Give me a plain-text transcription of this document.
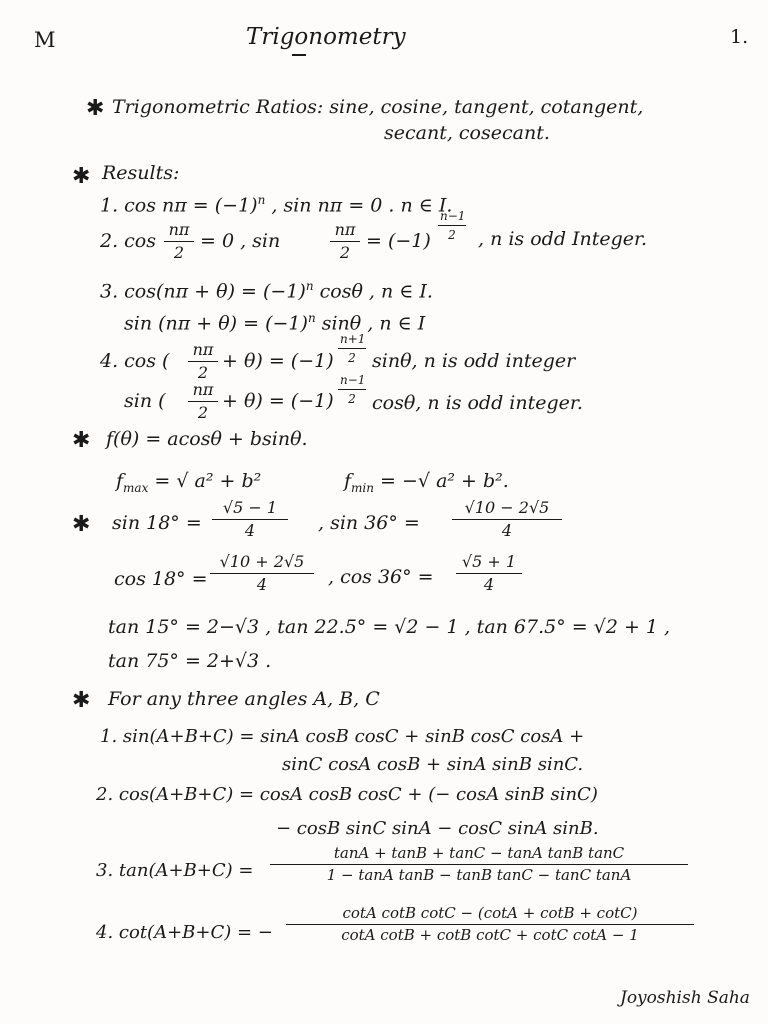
M	Trigonometry	1.
✱ Trigonometric Ratios: sine, cosine, tangent, cotangent,
secant, cosecant.
✱ Results:
1. $\cos n\pi = (-1)^n$ , sin nπ = 0 . n ∈ I.
2. $\cos \frac{n\pi}{2} = 0$ , sin	$\frac{n\pi}{2} = (-1) \frac{n-1}{2}$ , n is odd Integer.
3. $\cos(n\pi + \theta) = (-1)^n$ cosθ , n ∈ I.
$\sin (n\pi + \theta) = (-1)^n$ sinθ , n ∈ I
4. cos ( $\frac{n\pi}{2} + \theta) = (-1) \frac{n+1}{2} \sin\theta$, n is odd integer
sin ( $\frac{n\pi}{2} + \theta) = (-1) \frac{n-1}{2} \cos\theta$, n is odd integer.
✱ f(θ) = acosθ + bsinθ.
$f_{max}$ = √ a² + b²	$f_{min}$ = −√ a² + b².
✱ $\sin 18^\circ = \frac{√5 - 1}{4}$ , $\sin 36^\circ = \frac{√10 - 2√5}{4}$
$\cos 18^\circ = \frac{√10 + 2√5}{4}$ , $\cos 36^\circ = \frac{√5 + 1}{4}$
tan 15° = 2−√3 , tan 22.5° = √2 − 1 , tan 67.5° = √2 + 1 ,
tan 75° = 2+√3 .
✱ For any three angles A, B, C
1. sin(A+B+C) = sinA cosB cosC + sinB cosC cosA +
sinC cosA cosB + sinA sinB sinC.
2. cos(A+B+C) = cosA cosB cosC + (− cosA sinB sinC)
− cosB sinC sinA − cosC sinA sinB.
3. $\tan(A+B+C) = \frac{\text{tanA + tanB + tanC − tanA tanB tanC}}{\text{1 − tanA tanB − tanB tanC − tanC tanA}}$
4. cot(A+B+C) = − $\frac{\text{cotA cotB cotC − (cotA + cotB + cotC)}}{\text{cotA cotB + cotB cotC + cotC cotA − 1}}$
Joyoshish Saha
